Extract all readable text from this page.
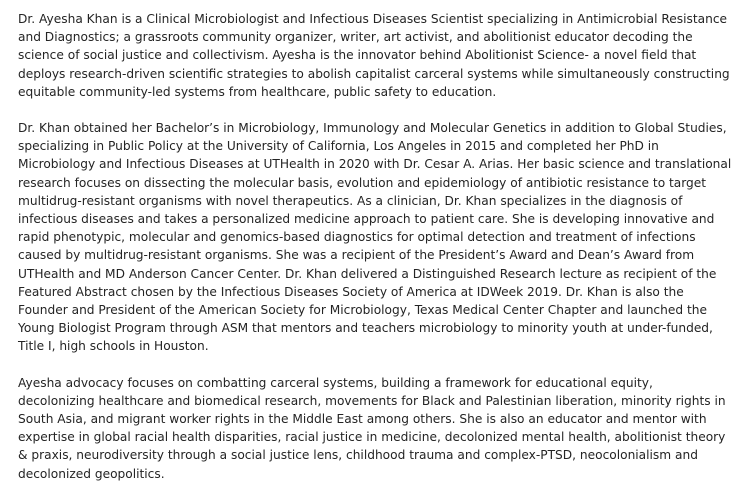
Dr. Ayesha Khan is a Clinical Microbiologist and Infectious Diseases Scientist specializing in Antimicrobial Resistance and Diagnostics; a grassroots community organizer, writer, art activist, and abolitionist educator decoding the science of social justice and collectivism. Ayesha is the innovator behind Abolitionist Science- a novel field that deploys research-driven scientific strategies to abolish capitalist carceral systems while simultaneously constructing equitable community-led systems from healthcare, public safety to education.

Dr. Khan obtained her Bachelor’s in Microbiology, Immunology and Molecular Genetics in addition to Global Studies, specializing in Public Policy at the University of California, Los Angeles in 2015 and completed her PhD in Microbiology and Infectious Diseases at UTHealth in 2020 with Dr. Cesar A. Arias. Her basic science and translational research focuses on dissecting the molecular basis, evolution and epidemiology of antibiotic resistance to target multidrug-resistant organisms with novel therapeutics. As a clinician, Dr. Khan specializes in the diagnosis of infectious diseases and takes a personalized medicine approach to patient care. She is developing innovative and rapid phenotypic, molecular and genomics-based diagnostics for optimal detection and treatment of infections caused by multidrug-resistant organisms. She was a recipient of the President’s Award and Dean’s Award from UTHealth and MD Anderson Cancer Center. Dr. Khan delivered a Distinguished Research lecture as recipient of the Featured Abstract chosen by the Infectious Diseases Society of America at IDWeek 2019. Dr. Khan is also the Founder and President of the American Society for Microbiology, Texas Medical Center Chapter and launched the Young Biologist Program through ASM that mentors and teachers microbiology to minority youth at under-funded, Title I, high schools in Houston.

Ayesha advocacy focuses on combatting carceral systems, building a framework for educational equity, decolonizing healthcare and biomedical research, movements for Black and Palestinian liberation, minority rights in South Asia, and migrant worker rights in the Middle East among others. She is also an educator and mentor with expertise in global racial health disparities, racial justice in medicine, decolonized mental health, abolitionist theory & praxis, neurodiversity through a social justice lens, childhood trauma and complex-PTSD, neocolonialism and decolonized geopolitics.
